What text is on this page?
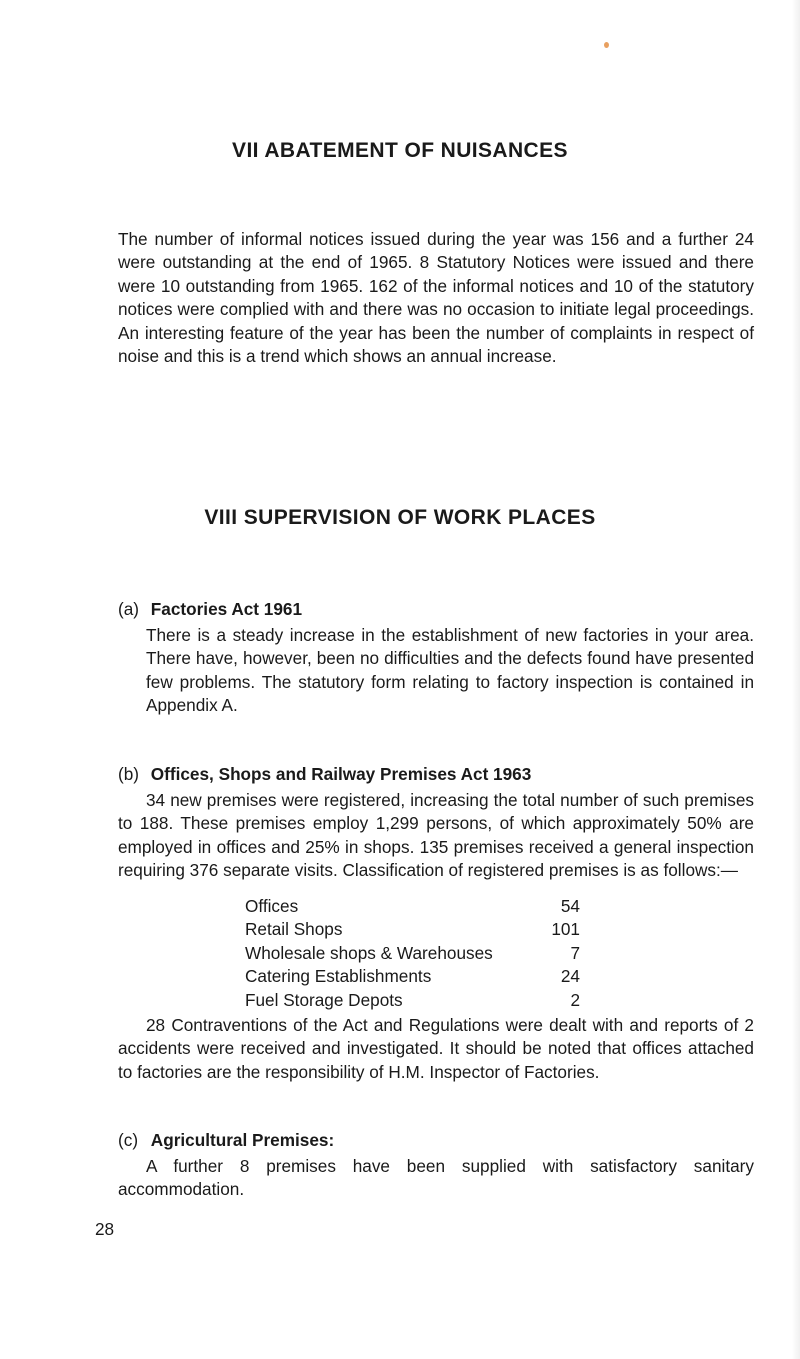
VII ABATEMENT OF NUISANCES
The number of informal notices issued during the year was 156 and a further 24 were outstanding at the end of 1965. 8 Statutory Notices were issued and there were 10 outstanding from 1965. 162 of the informal notices and 10 of the statutory notices were complied with and there was no occasion to initiate legal proceedings. An interesting feature of the year has been the number of complaints in respect of noise and this is a trend which shows an annual increase.
VIII SUPERVISION OF WORK PLACES
(a) Factories Act 1961
There is a steady increase in the establishment of new factories in your area. There have, however, been no difficulties and the defects found have presented few problems. The statutory form relating to factory inspection is contained in Appendix A.
(b) Offices, Shops and Railway Premises Act 1963
34 new premises were registered, increasing the total number of such premises to 188. These premises employ 1,299 persons, of which approximately 50% are employed in offices and 25% in shops. 135 premises received a general inspection requiring 376 separate visits. Classification of registered premises is as follows:—
Offices	54
Retail Shops	101
Wholesale shops & Warehouses	7
Catering Establishments	24
Fuel Storage Depots	2
28 Contraventions of the Act and Regulations were dealt with and reports of 2 accidents were received and investigated. It should be noted that offices attached to factories are the responsibility of H.M. Inspector of Factories.
(c) Agricultural Premises:
A further 8 premises have been supplied with satisfactory sanitary accommodation.
28
